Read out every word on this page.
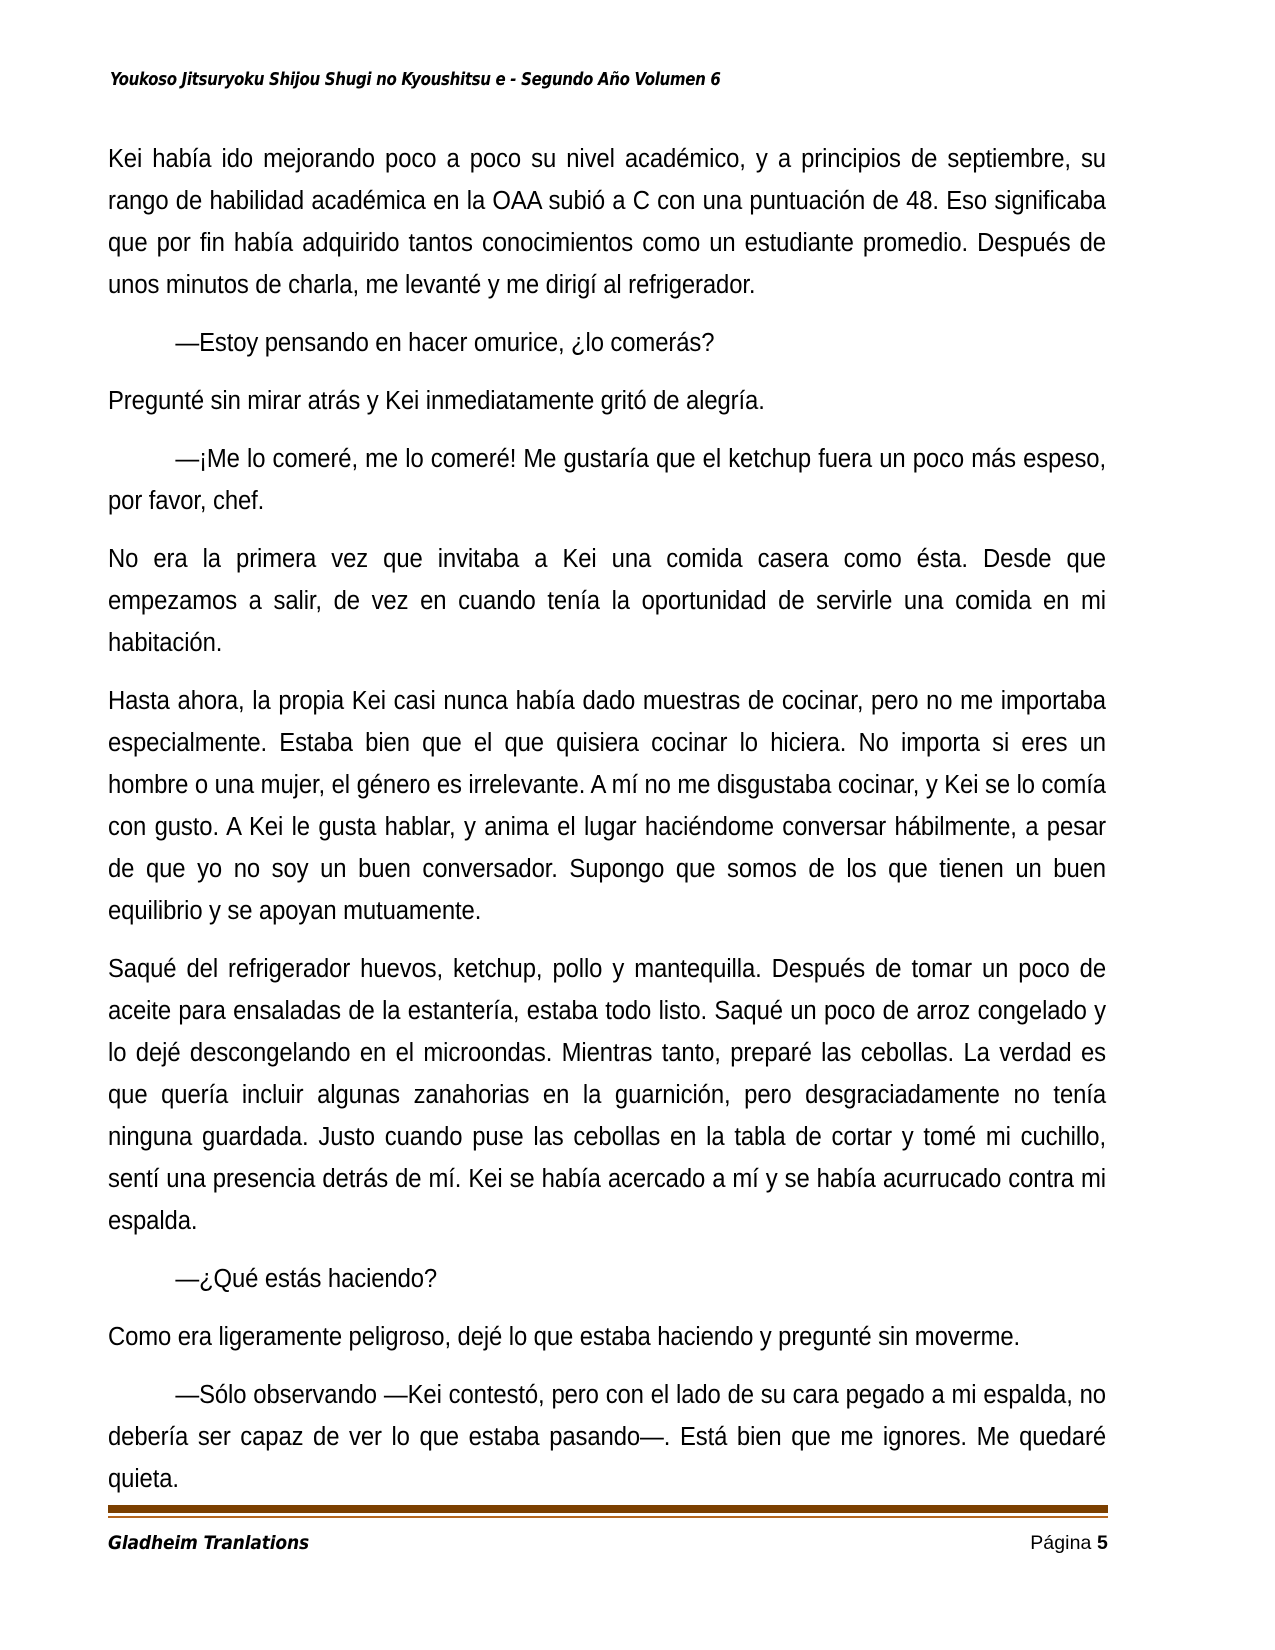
Youkoso Jitsuryoku Shijou Shugi no Kyoushitsu e - Segundo Año Volumen 6

Kei había ido mejorando poco a poco su nivel académico, y a principios de septiembre, su rango de habilidad académica en la OAA subió a C con una puntuación de 48. Eso significaba que por fin había adquirido tantos conocimientos como un estudiante promedio. Después de unos minutos de charla, me levanté y me dirigí al refrigerador.

—Estoy pensando en hacer omurice, ¿lo comerás?

Pregunté sin mirar atrás y Kei inmediatamente gritó de alegría.

—¡Me lo comeré, me lo comeré! Me gustaría que el ketchup fuera un poco más espeso, por favor, chef.

No era la primera vez que invitaba a Kei una comida casera como ésta. Desde que empezamos a salir, de vez en cuando tenía la oportunidad de servirle una comida en mi habitación.

Hasta ahora, la propia Kei casi nunca había dado muestras de cocinar, pero no me importaba especialmente. Estaba bien que el que quisiera cocinar lo hiciera. No importa si eres un hombre o una mujer, el género es irrelevante. A mí no me disgustaba cocinar, y Kei se lo comía con gusto. A Kei le gusta hablar, y anima el lugar haciéndome conversar hábilmente, a pesar de que yo no soy un buen conversador. Supongo que somos de los que tienen un buen equilibrio y se apoyan mutuamente.

Saqué del refrigerador huevos, ketchup, pollo y mantequilla. Después de tomar un poco de aceite para ensaladas de la estantería, estaba todo listo. Saqué un poco de arroz congelado y lo dejé descongelando en el microondas. Mientras tanto, preparé las cebollas. La verdad es que quería incluir algunas zanahorias en la guarnición, pero desgraciadamente no tenía ninguna guardada. Justo cuando puse las cebollas en la tabla de cortar y tomé mi cuchillo, sentí una presencia detrás de mí. Kei se había acercado a mí y se había acurrucado contra mi espalda.

—¿Qué estás haciendo?

Como era ligeramente peligroso, dejé lo que estaba haciendo y pregunté sin moverme.

—Sólo observando —Kei contestó, pero con el lado de su cara pegado a mi espalda, no debería ser capaz de ver lo que estaba pasando—. Está bien que me ignores. Me quedaré quieta.

Gladheim Tranlations	Página 5
